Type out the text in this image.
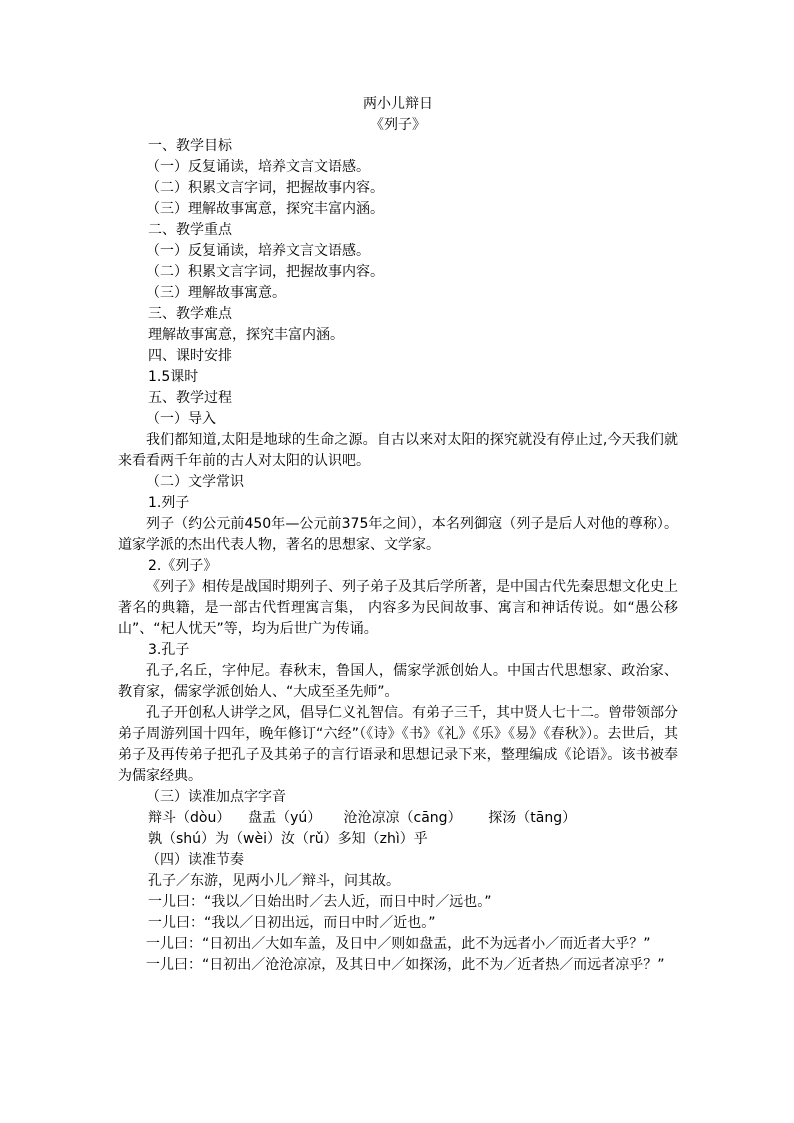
两小儿辩日
《列子》
一、教学目标
（一）反复诵读，培养文言文语感。
（二）积累文言字词，把握故事内容。
（三）理解故事寓意，探究丰富内涵。
二、教学重点
（一）反复诵读，培养文言文语感。
（二）积累文言字词，把握故事内容。
（三）理解故事寓意。
三、教学难点
理解故事寓意，探究丰富内涵。
四、课时安排
1.5课时
五、教学过程
（一）导入
我们都知道,太阳是地球的生命之源。自古以来对太阳的探究就没有停止过,今天我们就来看看两千年前的古人对太阳的认识吧。
（二）文学常识
1.列子
列子（约公元前450年—公元前375年之间），本名列御寇（列子是后人对他的尊称）。道家学派的杰出代表人物，著名的思想家、文学家。
2.《列子》
《列子》相传是战国时期列子、列子弟子及其后学所著，是中国古代先秦思想文化史上著名的典籍，是一部古代哲理寓言集， 内容多为民间故事、寓言和神话传说。如“愚公移山”、“杞人忧天”等，均为后世广为传诵。
3.孔子
孔子,名丘，字仲尼。春秋末，鲁国人，儒家学派创始人。中国古代思想家、政治家、教育家，儒家学派创始人、“大成至圣先师”。
孔子开创私人讲学之风，倡导仁义礼智信。有弟子三千，其中贤人七十二。曾带领部分弟子周游列国十四年，晚年修订“六经”（《诗》《书》《礼》《乐》《易》《春秋》）。去世后，其弟子及再传弟子把孔子及其弟子的言行语录和思想记录下来，整理编成《论语》。该书被奉为儒家经典。
（三）读准加点字字音
辩斗（dòu）    盘盂（yú）     沧沧凉凉（cāng）      探汤（tāng）
孰（shú）为（wèi）汝（rǔ）多知（zhì）乎
（四）读准节奏
孔子／东游，见两小儿／辩斗，问其故。
一儿曰：“我以／日始出时／去人近，而日中时／远也。”
一儿曰：“我以／日初出远，而日中时／近也。”
一儿曰：“日初出／大如车盖，及日中／则如盘盂，此不为远者小／而近者大乎？”
一儿曰：“日初出／沧沧凉凉，及其日中／如探汤，此不为／近者热／而远者凉乎？”
